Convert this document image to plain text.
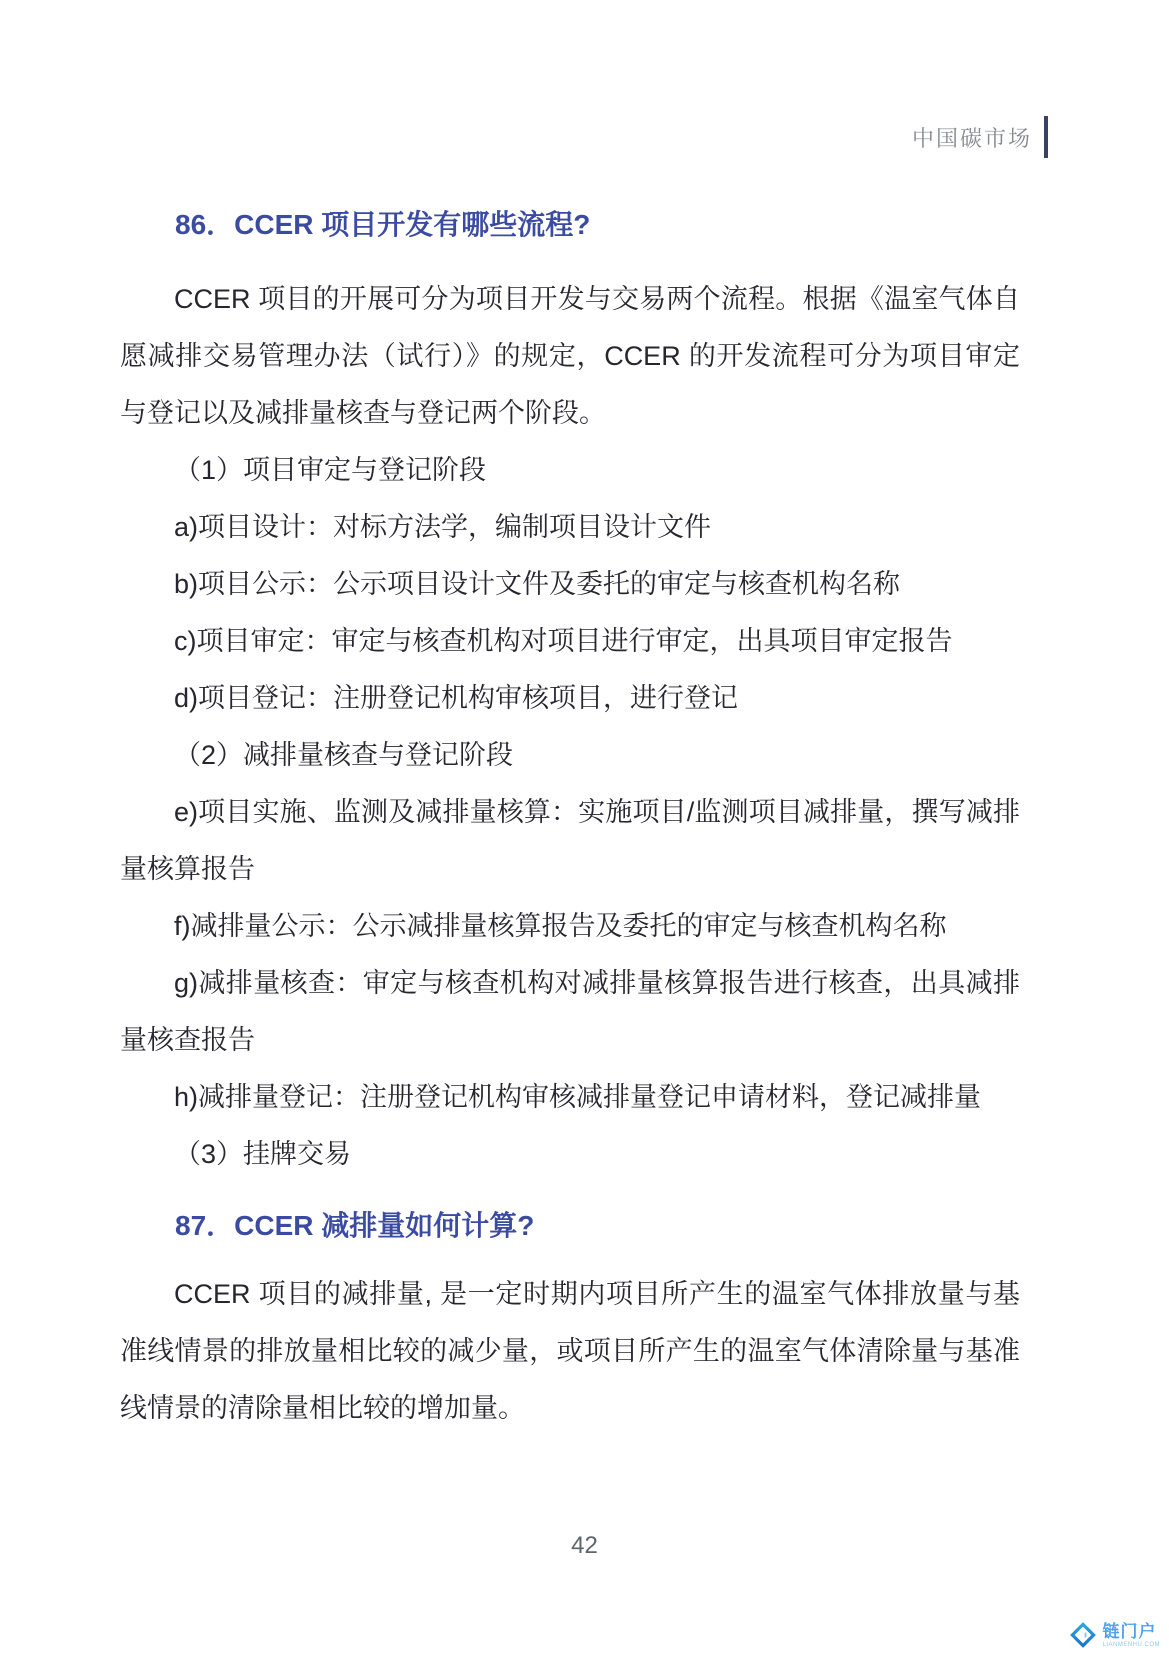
中国碳市场
86．CCER 项目开发有哪些流程?

CCER 项目的开展可分为项目开发与交易两个流程。根据《温室气体自愿减排交易管理办法（试行）》的规定，CCER 的开发流程可分为项目审定与登记以及减排量核查与登记两个阶段。

（1）项目审定与登记阶段

a)项目设计：对标方法学，编制项目设计文件

b)项目公示：公示项目设计文件及委托的审定与核查机构名称

c)项目审定：审定与核查机构对项目进行审定，出具项目审定报告

d)项目登记：注册登记机构审核项目，进行登记

（2）减排量核查与登记阶段

e)项目实施、监测及减排量核算：实施项目/监测项目减排量，撰写减排量核算报告

f)减排量公示：公示减排量核算报告及委托的审定与核查机构名称

g)减排量核查：审定与核查机构对减排量核算报告进行核查，出具减排量核查报告

h)减排量登记：注册登记机构审核减排量登记申请材料，登记减排量

（3）挂牌交易

87．CCER 减排量如何计算?

CCER 项目的减排量, 是一定时期内项目所产生的温室气体排放量与基准线情景的排放量相比较的减少量，或项目所产生的温室气体清除量与基准线情景的清除量相比较的增加量。

42
链门户
LIANMENHU.COM
